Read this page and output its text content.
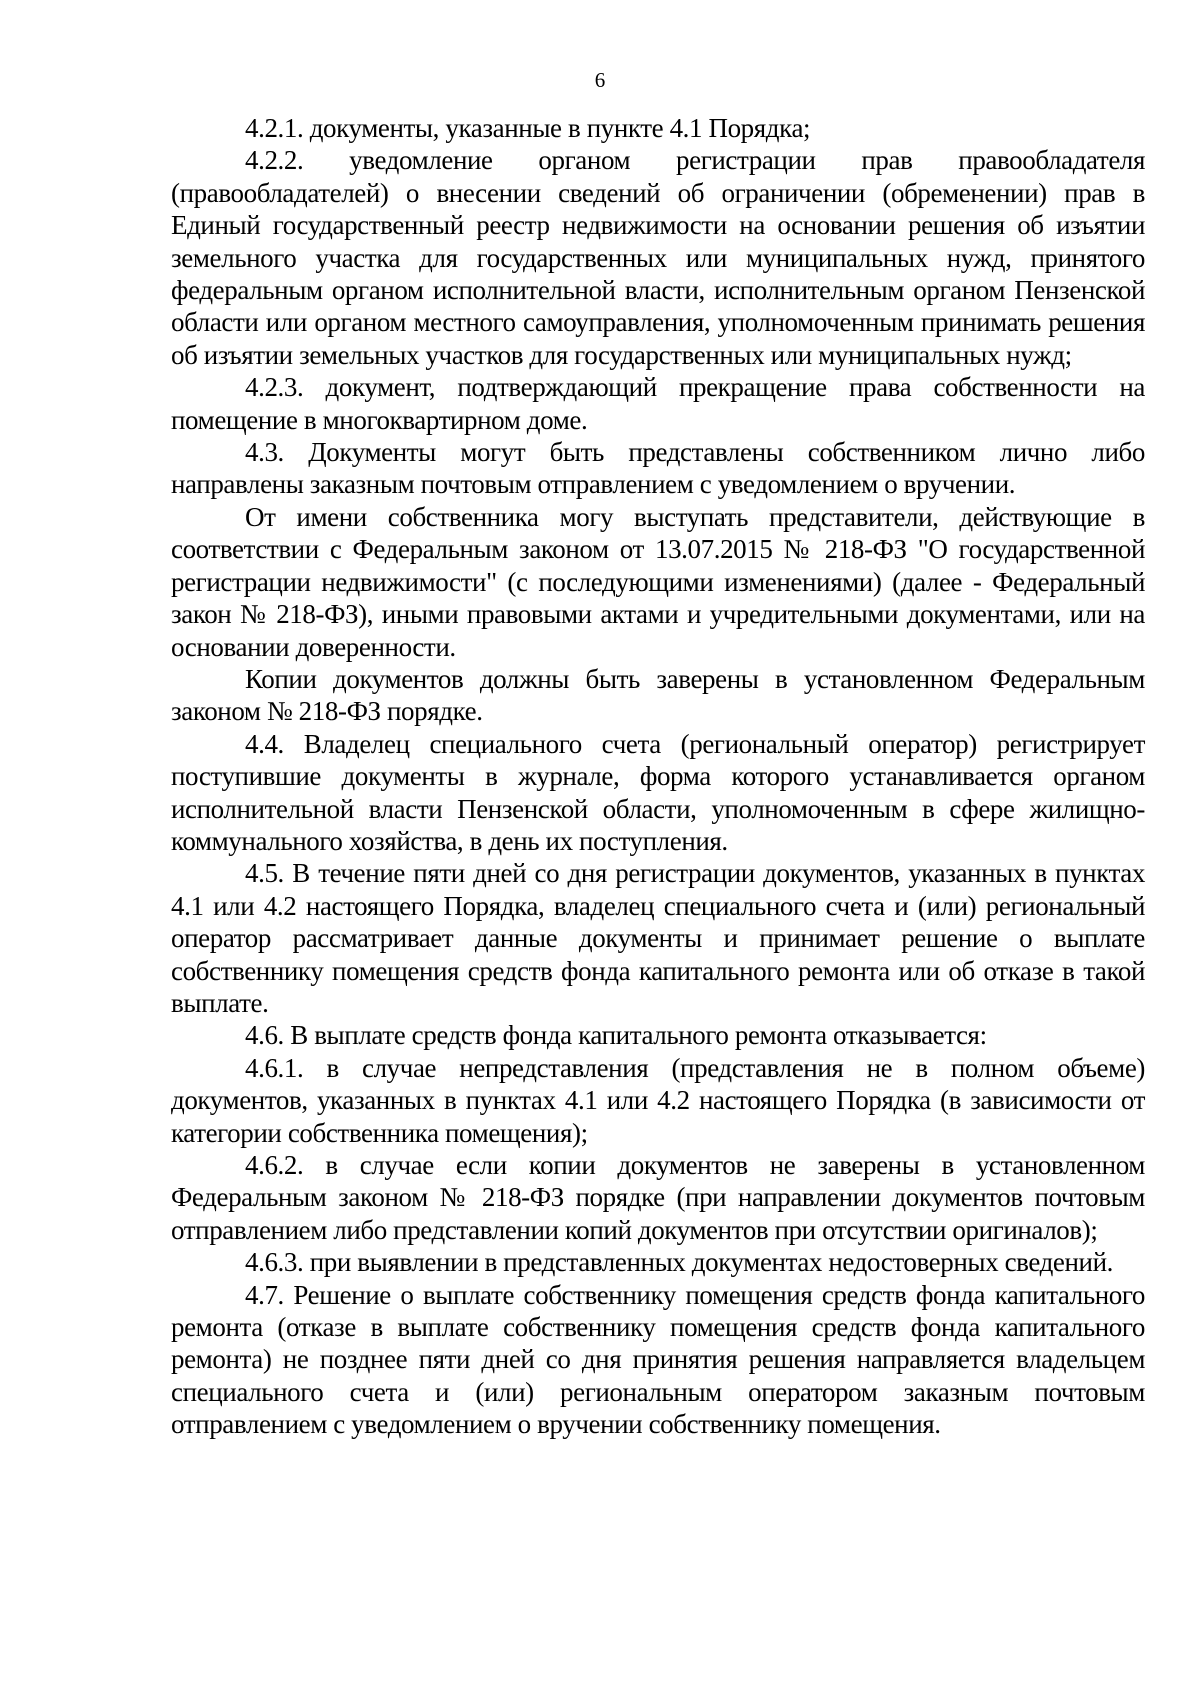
6

4.2.1. документы, указанные в пункте 4.1 Порядка;

4.2.2. уведомление органом регистрации прав правообладателя (правообладателей) о внесении сведений об ограничении (обременении) прав в Единый государственный реестр недвижимости на основании решения об изъятии земельного участка для государственных или муниципальных нужд, принятого федеральным органом исполнительной власти, исполнительным органом Пензенской области или органом местного самоуправления, уполномоченным принимать решения об изъятии земельных участков для государственных или муниципальных нужд;

4.2.3. документ, подтверждающий прекращение права собственности на помещение в многоквартирном доме.

4.3. Документы могут быть представлены собственником лично либо направлены заказным почтовым отправлением с уведомлением о вручении.

От имени собственника могу выступать представители, действующие в соответствии с Федеральным законом от 13.07.2015 № 218-ФЗ "О государственной регистрации недвижимости" (с последующими изменениями) (далее - Федеральный закон № 218-ФЗ), иными правовыми актами и учредительными документами, или на основании доверенности.

Копии документов должны быть заверены в установленном Федеральным законом № 218-ФЗ порядке.

4.4. Владелец специального счета (региональный оператор) регистрирует поступившие документы в журнале, форма которого устанавливается органом исполнительной власти Пензенской области, уполномоченным в сфере жилищно-коммунального хозяйства, в день их поступления.

4.5. В течение пяти дней со дня регистрации документов, указанных в пунктах 4.1 или 4.2 настоящего Порядка, владелец специального счета и (или) региональный оператор рассматривает данные документы и принимает решение о выплате собственнику помещения средств фонда капитального ремонта или об отказе в такой выплате.

4.6. В выплате средств фонда капитального ремонта отказывается:

4.6.1. в случае непредставления (представления не в полном объеме) документов, указанных в пунктах 4.1 или 4.2 настоящего Порядка (в зависимости от категории собственника помещения);

4.6.2. в случае если копии документов не заверены в установленном Федеральным законом № 218-ФЗ порядке (при направлении документов почтовым отправлением либо представлении копий документов при отсутствии оригиналов);

4.6.3. при выявлении в представленных документах недостоверных сведений.

4.7. Решение о выплате собственнику помещения средств фонда капитального ремонта (отказе в выплате собственнику помещения средств фонда капитального ремонта) не позднее пяти дней со дня принятия решения направляется владельцем специального счета и (или) региональным оператором заказным почтовым отправлением с уведомлением о вручении собственнику помещения.
